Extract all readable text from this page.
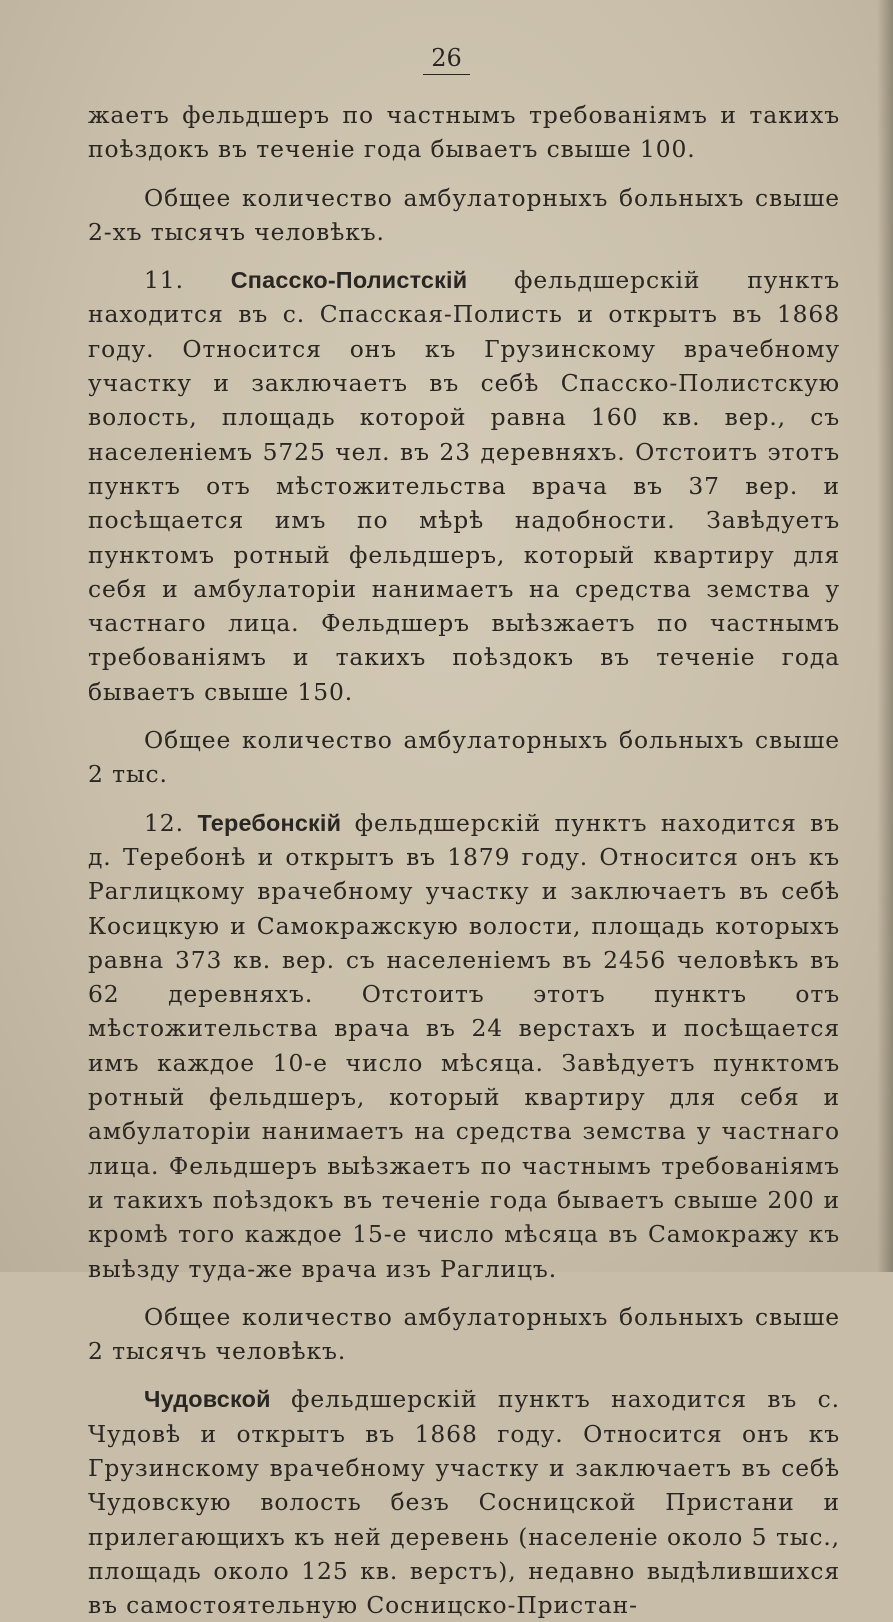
26

жаетъ фельдшеръ по частнымъ требованіямъ и такихъ поѣздокъ въ теченіе года бываетъ свыше 100.

Общее количество амбулаторныхъ больныхъ свыше 2-хъ тысячъ человѣкъ.

11. Спасско-Полистскій фельдшерскій пунктъ находится въ с. Спасская-Полисть и открытъ въ 1868 году. Относится онъ къ Грузинскому врачебному участку и заключаетъ въ себѣ Спасско-Полистскую волость, площадь которой равна 160 кв. вер., съ населеніемъ 5725 чел. въ 23 деревняхъ. Отстоитъ этотъ пунктъ отъ мѣстожительства врача въ 37 вер. и посѣщается имъ по мѣрѣ надобности. Завѣдуетъ пунктомъ ротный фельдшеръ, который квартиру для себя и амбулаторіи нанимаетъ на средства земства у частнаго лица. Фельдшеръ выѣзжаетъ по частнымъ требованіямъ и такихъ поѣздокъ въ теченіе года бываетъ свыше 150.

Общее количество амбулаторныхъ больныхъ свыше 2 тыс.

12. Теребонскій фельдшерскій пунктъ находится въ д. Теребонѣ и открытъ въ 1879 году. Относится онъ къ Раглицкому врачебному участку и заключаетъ въ себѣ Косицкую и Самокражскую волости, площадь которыхъ равна 373 кв. вер. съ населеніемъ въ 2456 человѣкъ въ 62 деревняхъ. Отстоитъ этотъ пунктъ отъ мѣстожительства врача въ 24 верстахъ и посѣщается имъ каждое 10-е число мѣсяца. Завѣдуетъ пунктомъ ротный фельдшеръ, который квартиру для себя и амбулаторіи нанимаетъ на средства земства у частнаго лица. Фельдшеръ выѣзжаетъ по частнымъ требованіямъ и такихъ поѣздокъ въ теченіе года бываетъ свыше 200 и кромѣ того каждое 15-е число мѣсяца въ Самокражу къ выѣзду туда-же врача изъ Раглицъ.

Общее количество амбулаторныхъ больныхъ свыше 2 тысячъ человѣкъ.

Чудовской фельдшерскій пунктъ находится въ с. Чудовѣ и открытъ въ 1868 году. Относится онъ къ Грузинскому врачебному участку и заключаетъ въ себѣ Чудовскую волость безъ Сосницской Пристани и прилегающихъ къ ней деревень (населеніе около 5 тыс., площадь около 125 кв. верстъ), недавно выдѣлившихся въ самостоятельную Сосницско-Пристан-
